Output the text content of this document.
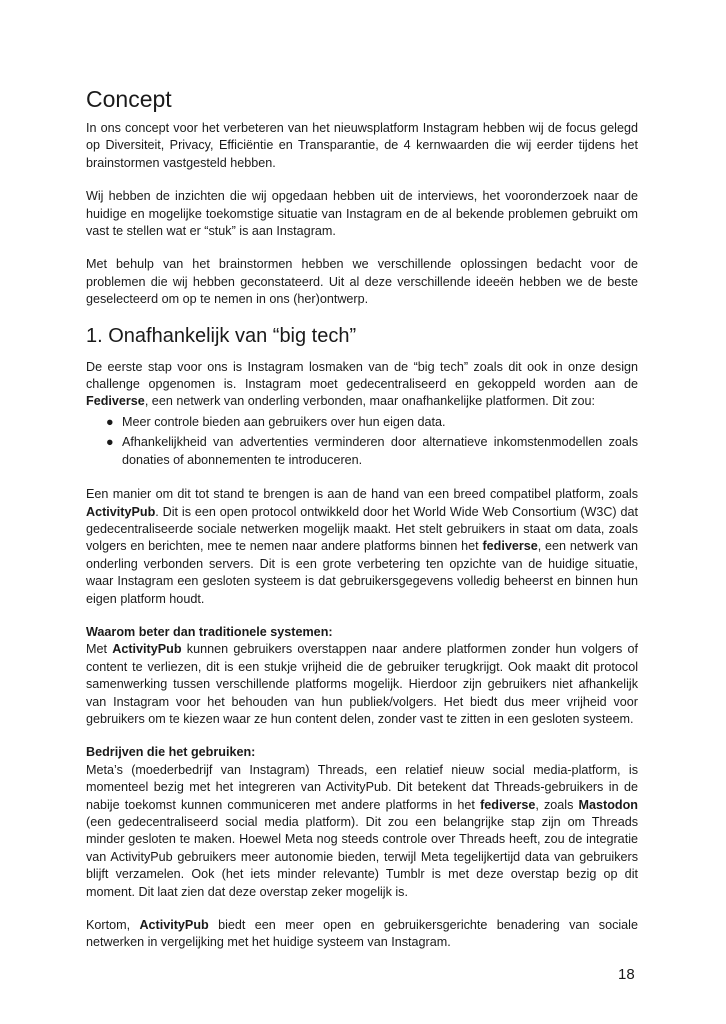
Concept

In ons concept voor het verbeteren van het nieuwsplatform Instagram hebben wij de focus gelegd op Diversiteit, Privacy, Efficiëntie en Transparantie, de 4 kernwaarden die wij eerder tijdens het brainstormen vastgesteld hebben.

Wij hebben de inzichten die wij opgedaan hebben uit de interviews, het vooronderzoek naar de huidige en mogelijke toekomstige situatie van Instagram en de al bekende problemen gebruikt om vast te stellen wat er “stuk” is aan Instagram.

Met behulp van het brainstormen hebben we verschillende oplossingen bedacht voor de problemen die wij hebben geconstateerd. Uit al deze verschillende ideeën hebben we de beste geselecteerd om op te nemen in ons (her)ontwerp.

1. Onafhankelijk van “big tech”

De eerste stap voor ons is Instagram losmaken van de “big tech” zoals dit ook in onze design challenge opgenomen is. Instagram moet gedecentraliseerd en gekoppeld worden aan de Fediverse, een netwerk van onderling verbonden, maar onafhankelijke platformen. Dit zou:

● Meer controle bieden aan gebruikers over hun eigen data.
● Afhankelijkheid van advertenties verminderen door alternatieve inkomstenmodellen zoals donaties of abonnementen te introduceren.

Een manier om dit tot stand te brengen is aan de hand van een breed compatibel platform, zoals ActivityPub. Dit is een open protocol ontwikkeld door het World Wide Web Consortium (W3C) dat gedecentraliseerde sociale netwerken mogelijk maakt. Het stelt gebruikers in staat om data, zoals volgers en berichten, mee te nemen naar andere platforms binnen het fediverse, een netwerk van onderling verbonden servers. Dit is een grote verbetering ten opzichte van de huidige situatie, waar Instagram een gesloten systeem is dat gebruikersgegevens volledig beheerst en binnen hun eigen platform houdt.

Waarom beter dan traditionele systemen:

Met ActivityPub kunnen gebruikers overstappen naar andere platformen zonder hun volgers of content te verliezen, dit is een stukje vrijheid die de gebruiker terugkrijgt. Ook maakt dit protocol samenwerking tussen verschillende platforms mogelijk. Hierdoor zijn gebruikers niet afhankelijk van Instagram voor het behouden van hun publiek/volgers. Het biedt dus meer vrijheid voor gebruikers om te kiezen waar ze hun content delen, zonder vast te zitten in een gesloten systeem.

Bedrijven die het gebruiken:

Meta’s (moederbedrijf van Instagram) Threads, een relatief nieuw social media-platform, is momenteel bezig met het integreren van ActivityPub. Dit betekent dat Threads-gebruikers in de nabije toekomst kunnen communiceren met andere platforms in het fediverse, zoals Mastodon (een gedecentraliseerd social media platform). Dit zou een belangrijke stap zijn om Threads minder gesloten te maken. Hoewel Meta nog steeds controle over Threads heeft, zou de integratie van ActivityPub gebruikers meer autonomie bieden, terwijl Meta tegelijkertijd data van gebruikers blijft verzamelen. Ook (het iets minder relevante) Tumblr is met deze overstap bezig op dit moment. Dit laat zien dat deze overstap zeker mogelijk is.

Kortom, ActivityPub biedt een meer open en gebruikersgerichte benadering van sociale netwerken in vergelijking met het huidige systeem van Instagram.

18
